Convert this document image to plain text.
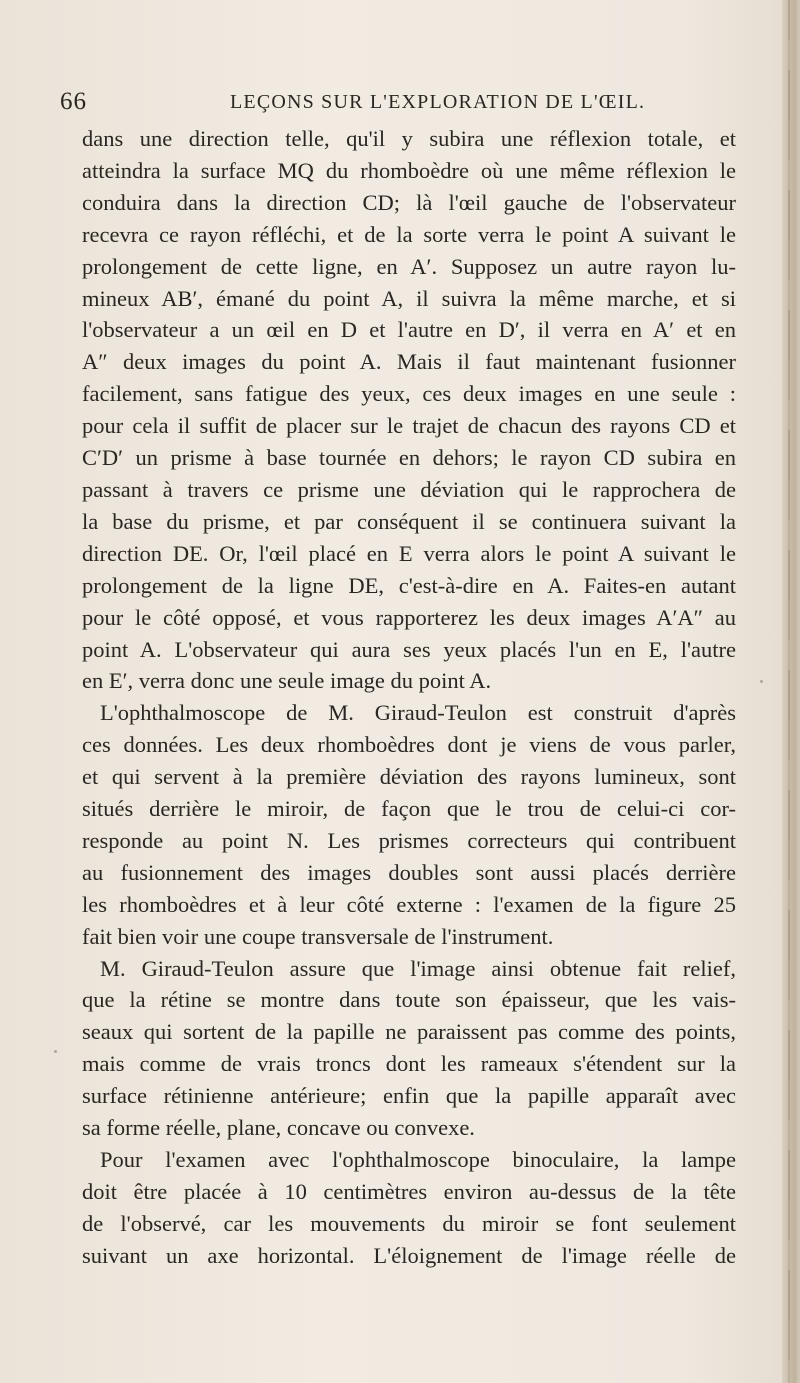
66	LEÇONS SUR L'EXPLORATION DE L'ŒIL.
dans une direction telle, qu'il y subira une réflexion totale, et
atteindra la surface MQ du rhomboèdre où une même réflexion le
conduira dans la direction CD; là l'œil gauche de l'observateur
recevra ce rayon réfléchi, et de la sorte verra le point A suivant le
prolongement de cette ligne, en A′. Supposez un autre rayon lu-
mineux AB′, émané du point A, il suivra la même marche, et si
l'observateur a un œil en D et l'autre en D′, il verra en A′ et en
A″ deux images du point A. Mais il faut maintenant fusionner
facilement, sans fatigue des yeux, ces deux images en une seule :
pour cela il suffit de placer sur le trajet de chacun des rayons CD et
C′D′ un prisme à base tournée en dehors; le rayon CD subira en
passant à travers ce prisme une déviation qui le rapprochera de
la base du prisme, et par conséquent il se continuera suivant la
direction DE. Or, l'œil placé en E verra alors le point A suivant le
prolongement de la ligne DE, c'est-à-dire en A. Faites-en autant
pour le côté opposé, et vous rapporterez les deux images A′A″ au
point A. L'observateur qui aura ses yeux placés l'un en E, l'autre
en E′, verra donc une seule image du point A.
L'ophthalmoscope de M. Giraud-Teulon est construit d'après
ces données. Les deux rhomboèdres dont je viens de vous parler,
et qui servent à la première déviation des rayons lumineux, sont
situés derrière le miroir, de façon que le trou de celui-ci cor-
responde au point N. Les prismes correcteurs qui contribuent
au fusionnement des images doubles sont aussi placés derrière
les rhomboèdres et à leur côté externe : l'examen de la figure 25
fait bien voir une coupe transversale de l'instrument.
M. Giraud-Teulon assure que l'image ainsi obtenue fait relief,
que la rétine se montre dans toute son épaisseur, que les vais-
seaux qui sortent de la papille ne paraissent pas comme des points,
mais comme de vrais troncs dont les rameaux s'étendent sur la
surface rétinienne antérieure; enfin que la papille apparaît avec
sa forme réelle, plane, concave ou convexe.
Pour l'examen avec l'ophthalmoscope binoculaire, la lampe
doit être placée à 10 centimètres environ au-dessus de la tête
de l'observé, car les mouvements du miroir se font seulement
suivant un axe horizontal. L'éloignement de l'image réelle de
